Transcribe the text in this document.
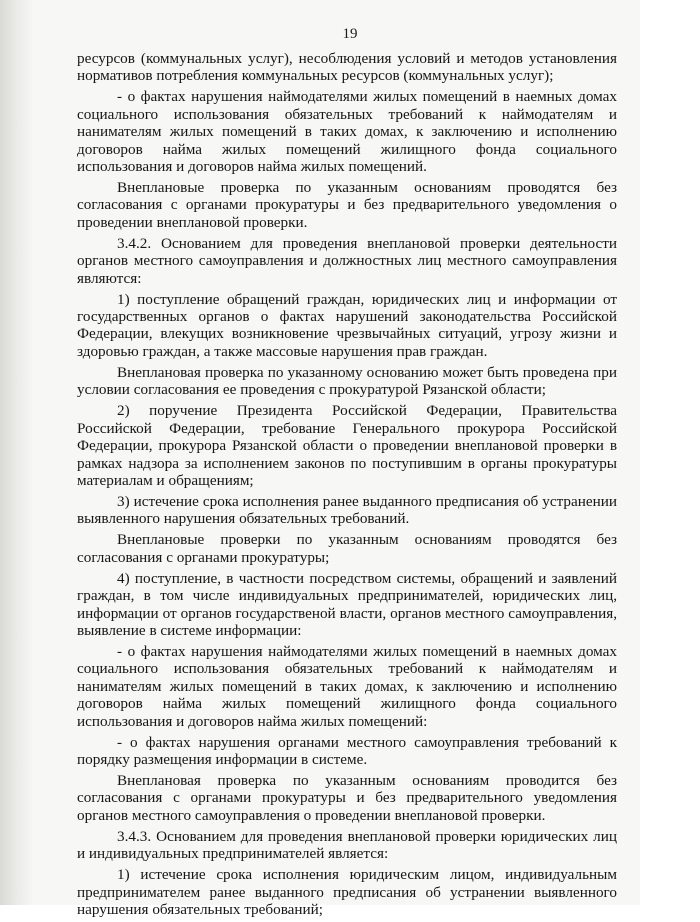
19

ресурсов (коммунальных услуг), несоблюдения условий и методов установления нормативов потребления коммунальных ресурсов (коммунальных услуг);

- о фактах нарушения наймодателями жилых помещений в наемных домах социального использования обязательных требований к наймодателям и нанимателям жилых помещений в таких домах, к заключению и исполнению договоров найма жилых помещений жилищного фонда социального использования и договоров найма жилых помещений.

Внеплановые проверка по указанным основаниям проводятся без согласования с органами прокуратуры и без предварительного уведомления о проведении внеплановой проверки.

3.4.2. Основанием для проведения внеплановой проверки деятельности органов местного самоуправления и должностных лиц местного самоуправления являются:

1) поступление обращений граждан, юридических лиц и информации от государственных органов о фактах нарушений законодательства Российской Федерации, влекущих возникновение чрезвычайных ситуаций, угрозу жизни и здоровью граждан, а также массовые нарушения прав граждан.

Внеплановая проверка по указанному основанию может быть проведена при условии согласования ее проведения с прокуратурой Рязанской области;

2) поручение Президента Российской Федерации, Правительства Российской Федерации, требование Генерального прокурора Российской Федерации, прокурора Рязанской области о проведении внеплановой проверки в рамках надзора за исполнением законов по поступившим в органы прокуратуры материалам и обращениям;

3) истечение срока исполнения ранее выданного предписания об устранении выявленного нарушения обязательных требований.

Внеплановые проверки по указанным основаниям проводятся без согласования с органами прокуратуры;

4) поступление, в частности посредством системы, обращений и заявлений граждан, в том числе индивидуальных предпринимателей, юридических лиц, информации от органов государственой власти, органов местного самоуправления, выявление в системе информации:

- о фактах нарушения наймодателями жилых помещений в наемных домах социального использования обязательных требований к наймодателям и нанимателям жилых помещений в таких домах, к заключению и исполнению договоров найма жилых помещений жилищного фонда социального использования и договоров найма жилых помещений:

- о фактах нарушения органами местного самоуправления требований к порядку размещения информации в системе.

Внеплановая проверка по указанным основаниям проводится без согласования с органами прокуратуры и без предварительного уведомления органов местного самоуправления о проведении внеплановой проверки.

3.4.3. Основанием для проведения внеплановой проверки юридических лиц и индивидуальных предпринимателей является:

1) истечение срока исполнения юридическим лицом, индивидуальным предпринимателем ранее выданного предписания об устранении выявленного нарушения обязательных требований;
